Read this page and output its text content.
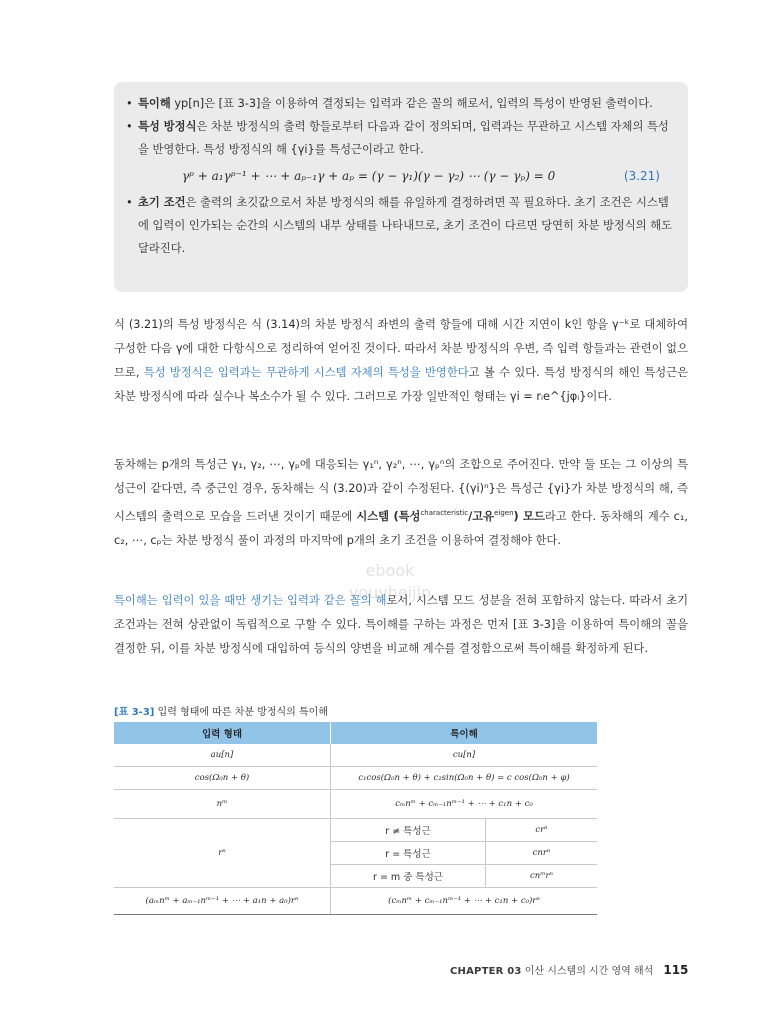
• 특이해 yp[n]은 [표 3-3]을 이용하여 결정되는 입력과 같은 꼴의 해로서, 입력의 특성이 반영된 출력이다.
• 특성 방정식은 차분 방정식의 출력 항들로부터 다음과 같이 정의되며, 입력과는 무관하고 시스템 자체의 특성을 반영한다. 특성 방정식의 해 {γi}를 특성근이라고 한다.
γᵖ + a₁γᵖ⁻¹ + ⋯ + aₚ₋₁γ + aₚ = (γ − γ₁)(γ − γ₂) ⋯ (γ − γₚ) = 0	(3.21)
• 초기 조건은 출력의 초깃값으로서 차분 방정식의 해를 유일하게 결정하려면 꼭 필요하다. 초기 조건은 시스템에 입력이 인가되는 순간의 시스템의 내부 상태를 나타내므로, 초기 조건이 다르면 당연히 차분 방정식의 해도 달라진다.
식 (3.21)의 특성 방정식은 식 (3.14)의 차분 방정식 좌변의 출력 항들에 대해 시간 지연이 k인 항을 γ⁻ᵏ로 대체하여 구성한 다음 γ에 대한 다항식으로 정리하여 얻어진 것이다. 따라서 차분 방정식의 우변, 즉 입력 항들과는 관련이 없으므로, 특성 방정식은 입력과는 무관하게 시스템 자체의 특성을 반영한다고 볼 수 있다. 특성 방정식의 해인 특성근은 차분 방정식에 따라 실수나 복소수가 될 수 있다. 그러므로 가장 일반적인 형태는 γi = rᵢe^{jφᵢ}이다.
동차해는 p개의 특성근 γ₁, γ₂, ⋯, γₚ에 대응되는 γ₁ⁿ, γ₂ⁿ, ⋯, γₚⁿ의 조합으로 주어진다. 만약 둘 또는 그 이상의 특성근이 같다면, 즉 중근인 경우, 동차해는 식 (3.20)과 같이 수정된다. {(γi)ⁿ}은 특성근 {γi}가 차분 방정식의 해, 즉 시스템의 출력으로 모습을 드러낸 것이기 때문에 시스템 (특성$^{characteristic}$/고유$^{eigen}$) 모드라고 한다. 동차해의 계수 c₁, c₂, ⋯, cₚ는 차분 방정식 풀이 과정의 마지막에 p개의 초기 조건을 이용하여 결정해야 한다.
ebook
youyheijin
특이해는 입력이 있을 때만 생기는 입력과 같은 꼴의 해로서, 시스템 모드 성분을 전혀 포함하지 않는다. 따라서 초기 조건과는 전혀 상관없이 독립적으로 구할 수 있다. 특이해를 구하는 과정은 먼저 [표 3-3]을 이용하여 특이해의 꼴을 결정한 뒤, 이를 차분 방정식에 대입하여 등식의 양변을 비교해 계수를 결정함으로써 특이해를 확정하게 된다.
[표 3-3] 입력 형태에 따른 차분 방정식의 특이해
입력 형태	특이해	
au[n]	cu[n]	
cos(Ω₀n + θ)	c₁cos(Ω₀n + θ) + c₂sin(Ω₀n + θ) = c cos(Ω₀n + φ)	
nᵐ	cₘnᵐ + cₘ₋₁nᵐ⁻¹ + ⋯ + c₁n + c₀	
rⁿ	r ≠ 특성근	crⁿ
	r = 특성근	cnrⁿ
	r = m 중 특성근	cnᵐrⁿ
(aₘnᵐ + aₘ₋₁nᵐ⁻¹ + ⋯ + a₁n + a₀)rⁿ	(cₘnᵐ + cₘ₋₁nᵐ⁻¹ + ⋯ + c₁n + c₀)rⁿ	
CHAPTER 03 이산 시스템의 시간 영역 해석 115
